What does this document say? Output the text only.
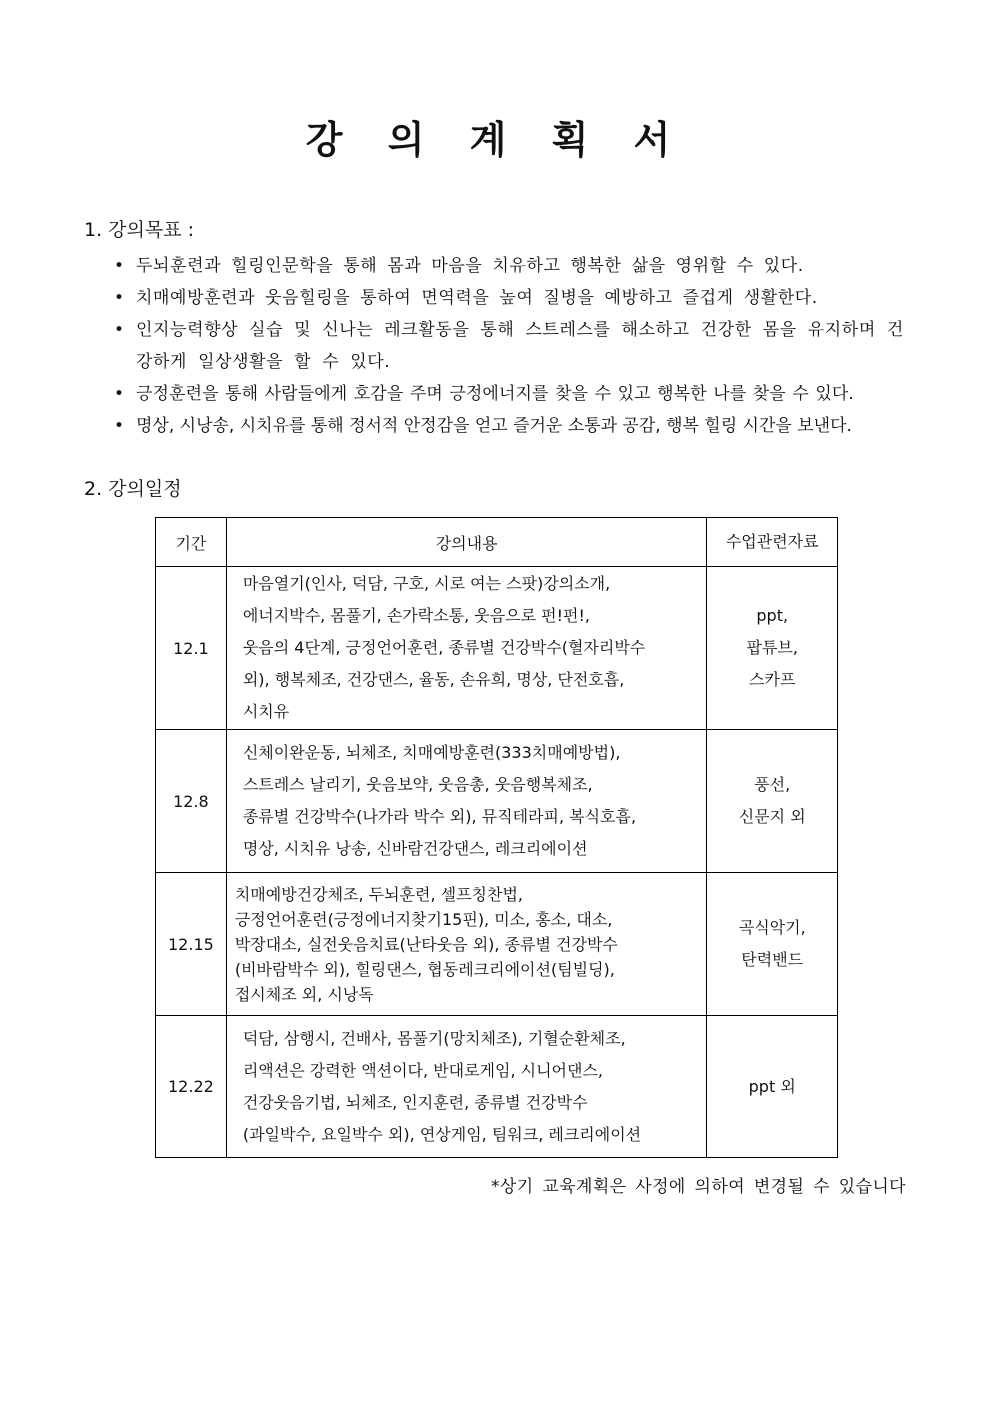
강 의 계 획 서
1. 강의목표 :
• 두뇌훈련과 힐링인문학을 통해 몸과 마음을 치유하고 행복한 삶을 영위할 수 있다.
• 치매예방훈련과 웃음힐링을 통하여 면역력을 높여 질병을 예방하고 즐겁게 생활한다.
• 인지능력향상 실습 및 신나는 레크활동을 통해 스트레스를 해소하고 건강한 몸을 유지하며 건강하게 일상생활을 할 수 있다.
• 긍정훈련을 통해 사람들에게 호감을 주며 긍정에너지를 찾을 수 있고 행복한 나를 찾을 수 있다.
• 명상, 시낭송, 시치유를 통해 정서적 안정감을 얻고 즐거운 소통과 공감, 행복 힐링 시간을 보낸다.
2. 강의일정
기간	강의내용	수업관련자료
12.1	마음열기(인사, 덕담, 구호, 시로 여는 스팟)강의소개,
에너지박수, 몸풀기, 손가락소통, 웃음으로 펀!펀!,
웃음의 4단계, 긍정언어훈련, 종류별 건강박수(혈자리박수
외), 행복체조, 건강댄스, 율동, 손유희, 명상, 단전호흡,
시치유	ppt,
팝튜브,
스카프

12.8	신체이완운동, 뇌체조, 치매예방훈련(333치매예방법),
스트레스 날리기, 웃음보약, 웃음총, 웃음행복체조,
종류별 건강박수(나가라 박수 외), 뮤직테라피, 복식호흡,
명상, 시치유 낭송, 신바람건강댄스, 레크리에이션	풍선,
신문지 외

12.15	치매예방건강체조, 두뇌훈련, 셀프칭찬법,
긍정언어훈련(긍정에너지찾기15핀), 미소, 홍소, 대소,
박장대소, 실전웃음치료(난타웃음 외), 종류별 건강박수
(비바람박수 외), 힐링댄스, 협동레크리에이션(팀빌딩),
접시체조 외, 시낭독	곡식악기,
탄력밴드

12.22	덕담, 삼행시, 건배사, 몸풀기(망치체조), 기혈순환체조,
리액션은 강력한 액션이다, 반대로게임, 시니어댄스,
건강웃음기법, 뇌체조, 인지훈련, 종류별 건강박수
(과일박수, 요일박수 외), 연상게임, 팀워크, 레크리에이션	ppt 외
*상기 교육계획은 사정에 의하여 변경될 수 있습니다
